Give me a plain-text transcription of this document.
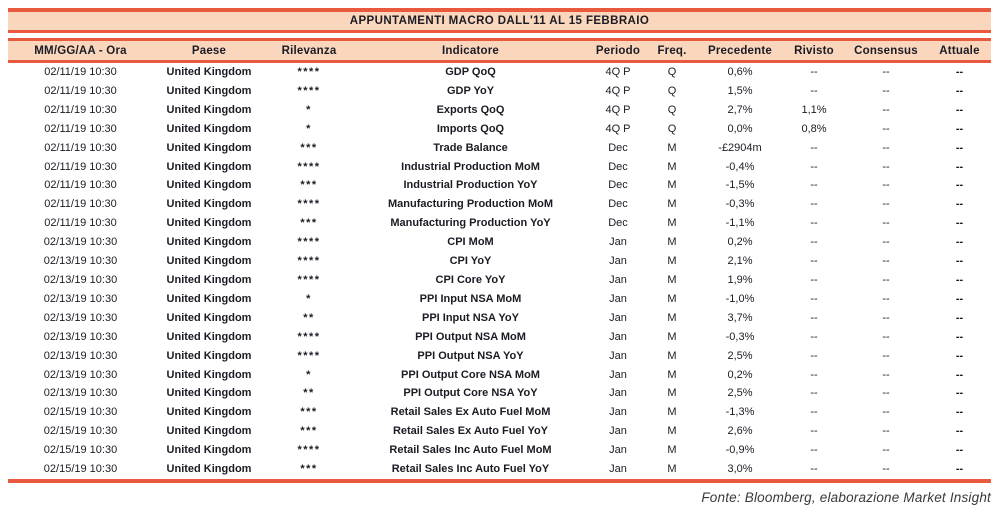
APPUNTAMENTI MACRO DALL'11 AL 15 FEBBRAIO
MM/GG/AA - Ora	Paese	Rilevanza	Indicatore	Periodo	Freq.	Precedente	Rivisto	Consensus	Attuale
02/11/19 10:30	United Kingdom	****	GDP QoQ	4Q P	Q	0,6%	--	--	--
02/11/19 10:30	United Kingdom	****	GDP YoY	4Q P	Q	1,5%	--	--	--
02/11/19 10:30	United Kingdom	*	Exports QoQ	4Q P	Q	2,7%	1,1%	--	--
02/11/19 10:30	United Kingdom	*	Imports QoQ	4Q P	Q	0,0%	0,8%	--	--
02/11/19 10:30	United Kingdom	***	Trade Balance	Dec	M	-£2904m	--	--	--
02/11/19 10:30	United Kingdom	****	Industrial Production MoM	Dec	M	-0,4%	--	--	--
02/11/19 10:30	United Kingdom	***	Industrial Production YoY	Dec	M	-1,5%	--	--	--
02/11/19 10:30	United Kingdom	****	Manufacturing Production MoM	Dec	M	-0,3%	--	--	--
02/11/19 10:30	United Kingdom	***	Manufacturing Production YoY	Dec	M	-1,1%	--	--	--
02/13/19 10:30	United Kingdom	****	CPI MoM	Jan	M	0,2%	--	--	--
02/13/19 10:30	United Kingdom	****	CPI YoY	Jan	M	2,1%	--	--	--
02/13/19 10:30	United Kingdom	****	CPI Core YoY	Jan	M	1,9%	--	--	--
02/13/19 10:30	United Kingdom	*	PPI Input NSA MoM	Jan	M	-1,0%	--	--	--
02/13/19 10:30	United Kingdom	**	PPI Input NSA YoY	Jan	M	3,7%	--	--	--
02/13/19 10:30	United Kingdom	****	PPI Output NSA MoM	Jan	M	-0,3%	--	--	--
02/13/19 10:30	United Kingdom	****	PPI Output NSA YoY	Jan	M	2,5%	--	--	--
02/13/19 10:30	United Kingdom	*	PPI Output Core NSA MoM	Jan	M	0,2%	--	--	--
02/13/19 10:30	United Kingdom	**	PPI Output Core NSA YoY	Jan	M	2,5%	--	--	--
02/15/19 10:30	United Kingdom	***	Retail Sales Ex Auto Fuel MoM	Jan	M	-1,3%	--	--	--
02/15/19 10:30	United Kingdom	***	Retail Sales Ex Auto Fuel YoY	Jan	M	2,6%	--	--	--
02/15/19 10:30	United Kingdom	****	Retail Sales Inc Auto Fuel MoM	Jan	M	-0,9%	--	--	--
02/15/19 10:30	United Kingdom	***	Retail Sales Inc Auto Fuel YoY	Jan	M	3,0%	--	--	--
Fonte: Bloomberg, elaborazione Market Insight
